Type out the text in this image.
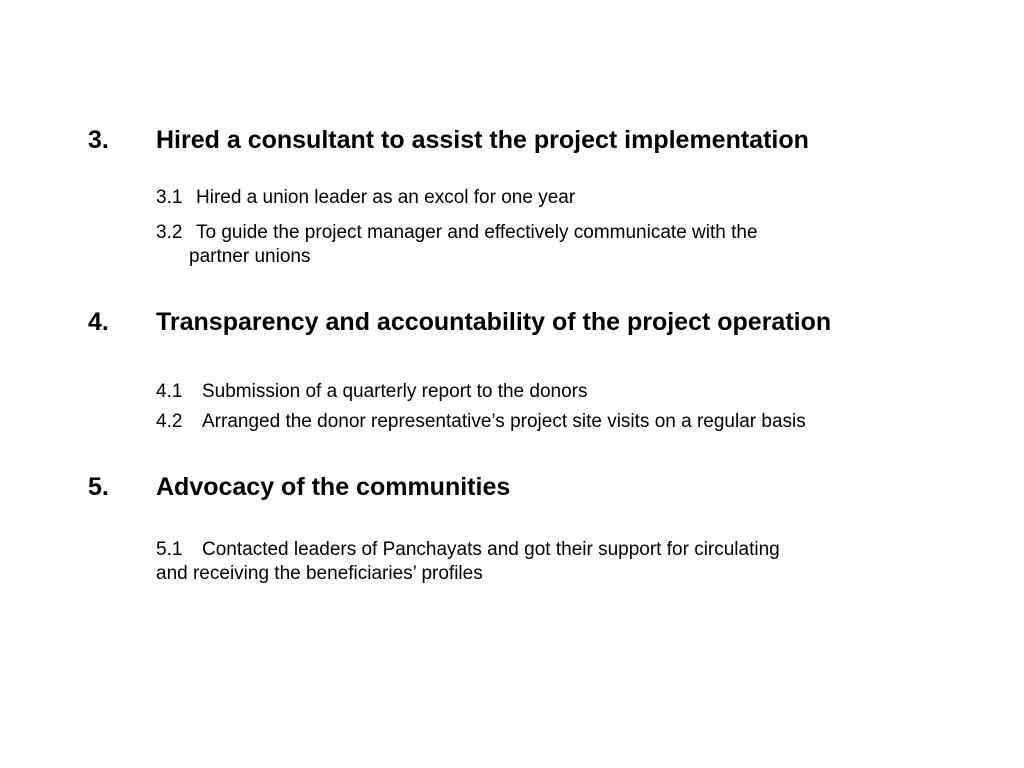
3. Hired a consultant to assist the project implementation
3.1 Hired a union leader as an excol for one year
3.2 To guide the project manager and effectively communicate with the
partner unions
4. Transparency and accountability of the project operation
4.1 Submission of a quarterly report to the donors
4.2 Arranged the donor representative’s project site visits on a regular basis
5. Advocacy of the communities
5.1 Contacted leaders of Panchayats and got their support for circulating
and receiving the beneficiaries’ profiles
